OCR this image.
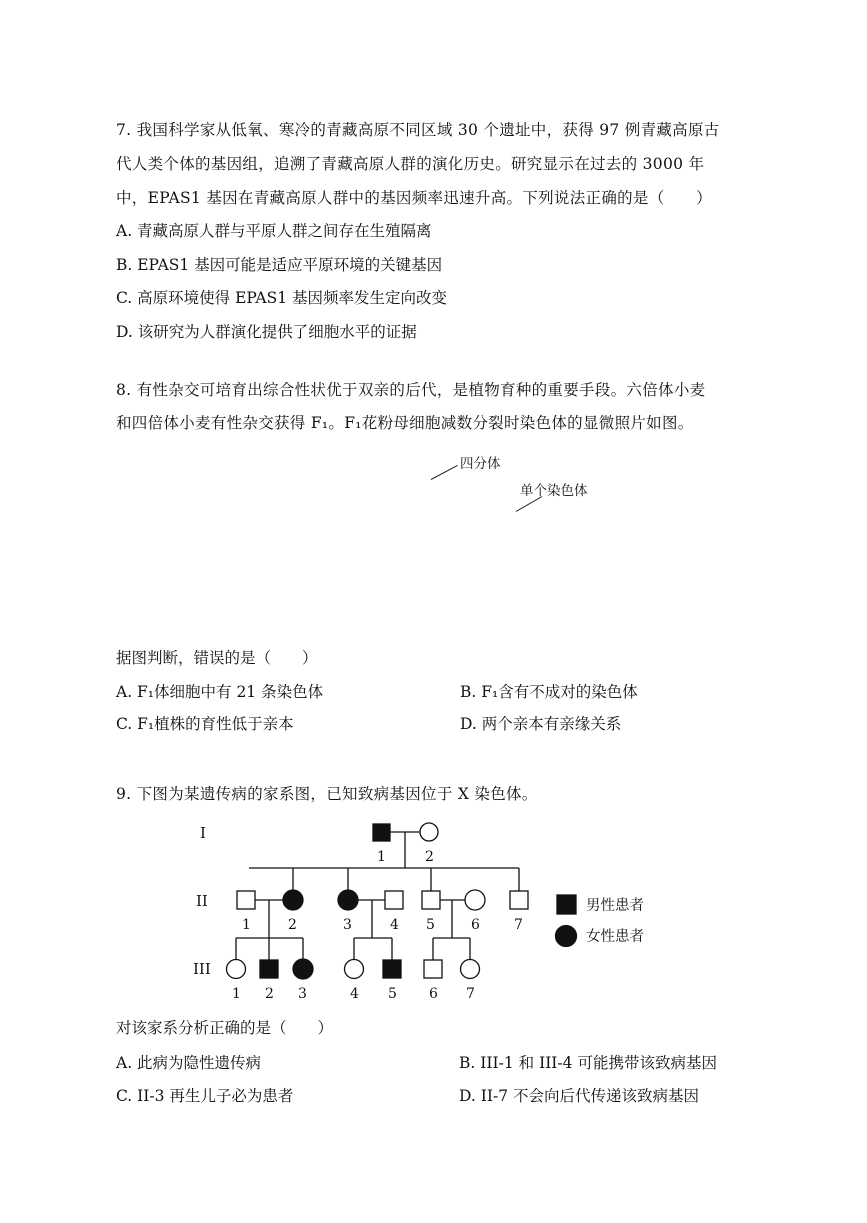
7. 我国科学家从低氧、寒冷的青藏高原不同区域 30 个遗址中，获得 97 例青藏高原古
代人类个体的基因组，追溯了青藏高原人群的演化历史。研究显示在过去的 3000 年
中，EPAS1 基因在青藏高原人群中的基因频率迅速升高。下列说法正确的是（　　）
A. 青藏高原人群与平原人群之间存在生殖隔离
B. EPAS1 基因可能是适应平原环境的关键基因
C. 高原环境使得 EPAS1 基因频率发生定向改变
D. 该研究为人群演化提供了细胞水平的证据
8. 有性杂交可培育出综合性状优于双亲的后代，是植物育种的重要手段。六倍体小麦
和四倍体小麦有性杂交获得 F₁。F₁花粉母细胞减数分裂时染色体的显微照片如图。
四分体
单个染色体
据图判断，错误的是（　　）
A. F₁体细胞中有 21 条染色体	B. F₁含有不成对的染色体
C. F₁植株的育性低于亲本	D. 两个亲本有亲缘关系
9. 下图为某遗传病的家系图，已知致病基因位于 X 染色体。
I
II
III
1	2
1	2	3	4 5	6 7
1 2 3	4 5 6 7
男性患者
女性患者
对该家系分析正确的是（　　）
A. 此病为隐性遗传病	B. III-1 和 III-4 可能携带该致病基因
C. II-3 再生儿子必为患者	D. II-7 不会向后代传递该致病基因
